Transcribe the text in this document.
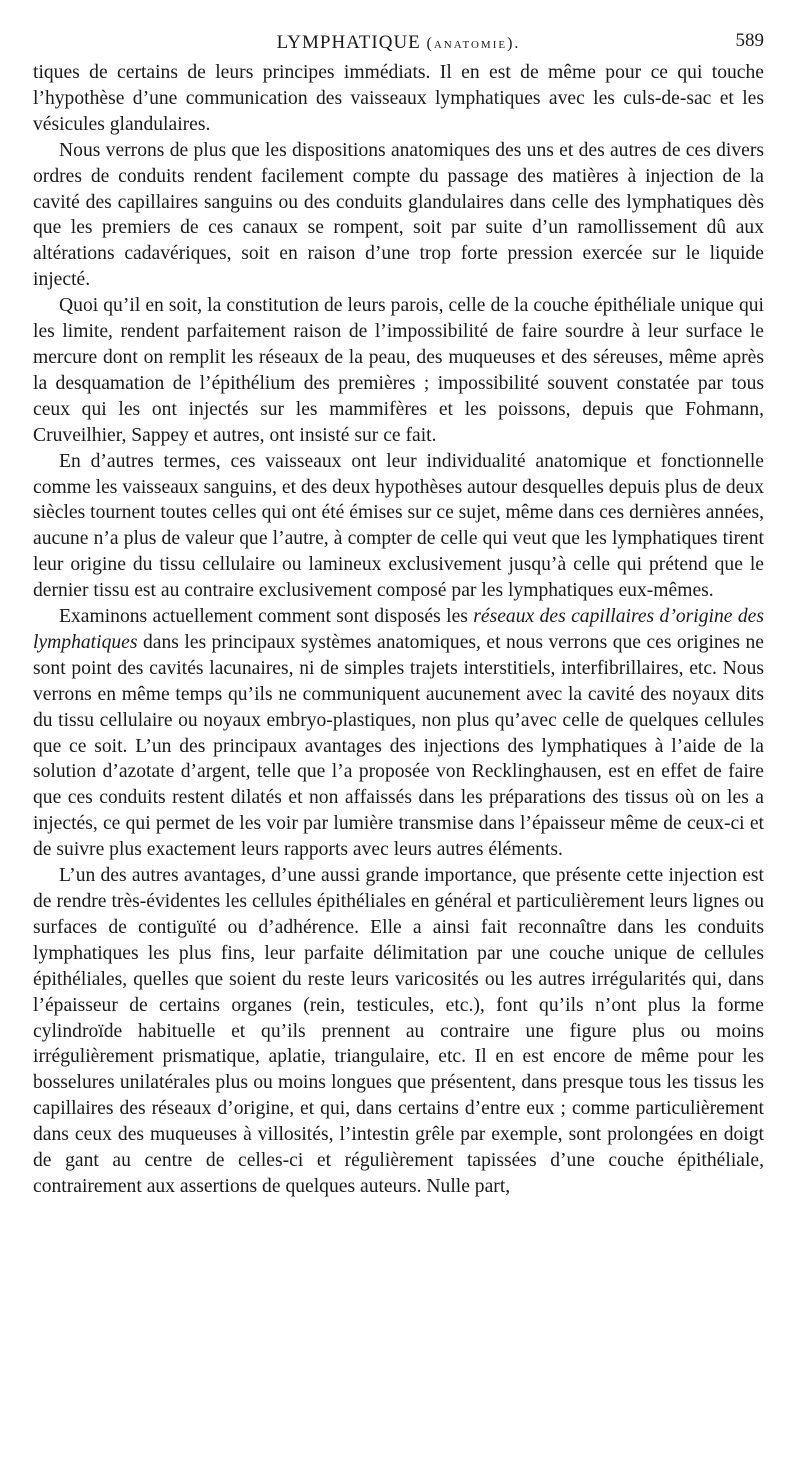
LYMPHATIQUE (anatomie).	589

tiques de certains de leurs principes immédiats. Il en est de même pour ce qui touche l’hypothèse d’une communication des vaisseaux lymphatiques avec les culs-de-sac et les vésicules glandulaires.

Nous verrons de plus que les dispositions anatomiques des uns et des autres de ces divers ordres de conduits rendent facilement compte du passage des matières à injection de la cavité des capillaires sanguins ou des conduits glandulaires dans celle des lymphatiques dès que les premiers de ces canaux se rompent, soit par suite d’un ramollissement dû aux altérations cadavériques, soit en raison d’une trop forte pression exercée sur le liquide injecté.

Quoi qu’il en soit, la constitution de leurs parois, celle de la couche épithéliale unique qui les limite, rendent parfaitement raison de l’impossibilité de faire sourdre à leur surface le mercure dont on remplit les réseaux de la peau, des muqueuses et des séreuses, même après la desquamation de l’épithélium des premières ; impossibilité souvent constatée par tous ceux qui les ont injectés sur les mammifères et les poissons, depuis que Fohmann, Cruveilhier, Sappey et autres, ont insisté sur ce fait.

En d’autres termes, ces vaisseaux ont leur individualité anatomique et fonctionnelle comme les vaisseaux sanguins, et des deux hypothèses autour desquelles depuis plus de deux siècles tournent toutes celles qui ont été émises sur ce sujet, même dans ces dernières années, aucune n’a plus de valeur que l’autre, à compter de celle qui veut que les lymphatiques tirent leur origine du tissu cellulaire ou lamineux exclusivement jusqu’à celle qui prétend que le dernier tissu est au contraire exclusivement composé par les lymphatiques eux-mêmes.

Examinons actuellement comment sont disposés les réseaux des capillaires d’origine des lymphatiques dans les principaux systèmes anatomiques, et nous verrons que ces origines ne sont point des cavités lacunaires, ni de simples trajets interstitiels, interfibrillaires, etc. Nous verrons en même temps qu’ils ne communiquent aucunement avec la cavité des noyaux dits du tissu cellulaire ou noyaux embryo-plastiques, non plus qu’avec celle de quelques cellules que ce soit. L’un des principaux avantages des injections des lymphatiques à l’aide de la solution d’azotate d’argent, telle que l’a proposée von Recklinghausen, est en effet de faire que ces conduits restent dilatés et non affaissés dans les préparations des tissus où on les a injectés, ce qui permet de les voir par lumière transmise dans l’épaisseur même de ceux-ci et de suivre plus exactement leurs rapports avec leurs autres éléments.

L’un des autres avantages, d’une aussi grande importance, que présente cette injection est de rendre très-évidentes les cellules épithéliales en général et particulièrement leurs lignes ou surfaces de contiguïté ou d’adhérence. Elle a ainsi fait reconnaître dans les conduits lymphatiques les plus fins, leur parfaite délimitation par une couche unique de cellules épithéliales, quelles que soient du reste leurs varicosités ou les autres irrégularités qui, dans l’épaisseur de certains organes (rein, testicules, etc.), font qu’ils n’ont plus la forme cylindroïde habituelle et qu’ils prennent au contraire une figure plus ou moins irrégulièrement prismatique, aplatie, triangulaire, etc. Il en est encore de même pour les bosselures unilatérales plus ou moins longues que présentent, dans presque tous les tissus les capillaires des réseaux d’origine, et qui, dans certains d’entre eux ; comme particulièrement dans ceux des muqueuses à villosités, l’intestin grêle par exemple, sont prolongées en doigt de gant au centre de celles-ci et régulièrement tapissées d’une couche épithéliale, contrairement aux assertions de quelques auteurs. Nulle part,
